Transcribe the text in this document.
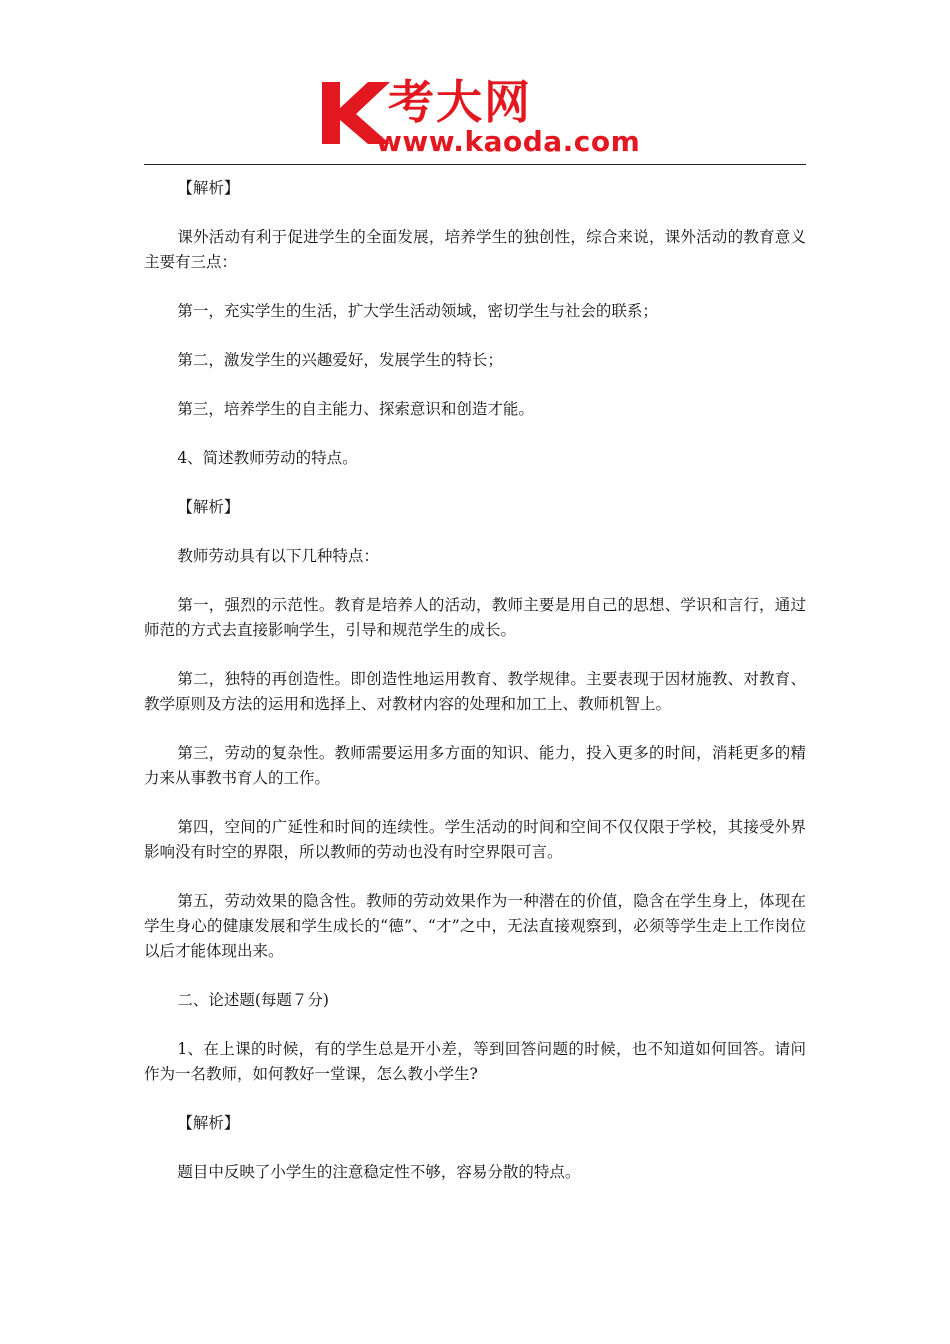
考大网
www.kaoda.com

【解析】

课外活动有利于促进学生的全面发展，培养学生的独创性，综合来说，课外活动的教育意义主要有三点：

第一，充实学生的生活，扩大学生活动领域，密切学生与社会的联系；

第二，激发学生的兴趣爱好，发展学生的特长；

第三，培养学生的自主能力、探索意识和创造才能。

4、简述教师劳动的特点。

【解析】

教师劳动具有以下几种特点：

第一，强烈的示范性。教育是培养人的活动，教师主要是用自己的思想、学识和言行，通过师范的方式去直接影响学生，引导和规范学生的成长。

第二，独特的再创造性。即创造性地运用教育、教学规律。主要表现于因材施教、对教育、教学原则及方法的运用和选择上、对教材内容的处理和加工上、教师机智上。

第三，劳动的复杂性。教师需要运用多方面的知识、能力，投入更多的时间，消耗更多的精力来从事教书育人的工作。

第四，空间的广延性和时间的连续性。学生活动的时间和空间不仅仅限于学校，其接受外界影响没有时空的界限，所以教师的劳动也没有时空界限可言。

第五，劳动效果的隐含性。教师的劳动效果作为一种潜在的价值，隐含在学生身上，体现在学生身心的健康发展和学生成长的“德”、“才”之中，无法直接观察到，必须等学生走上工作岗位以后才能体现出来。

二、论述题(每题７分)

1、在上课的时候，有的学生总是开小差，等到回答问题的时候，也不知道如何回答。请问作为一名教师，如何教好一堂课，怎么教小学生?

【解析】

题目中反映了小学生的注意稳定性不够，容易分散的特点。
